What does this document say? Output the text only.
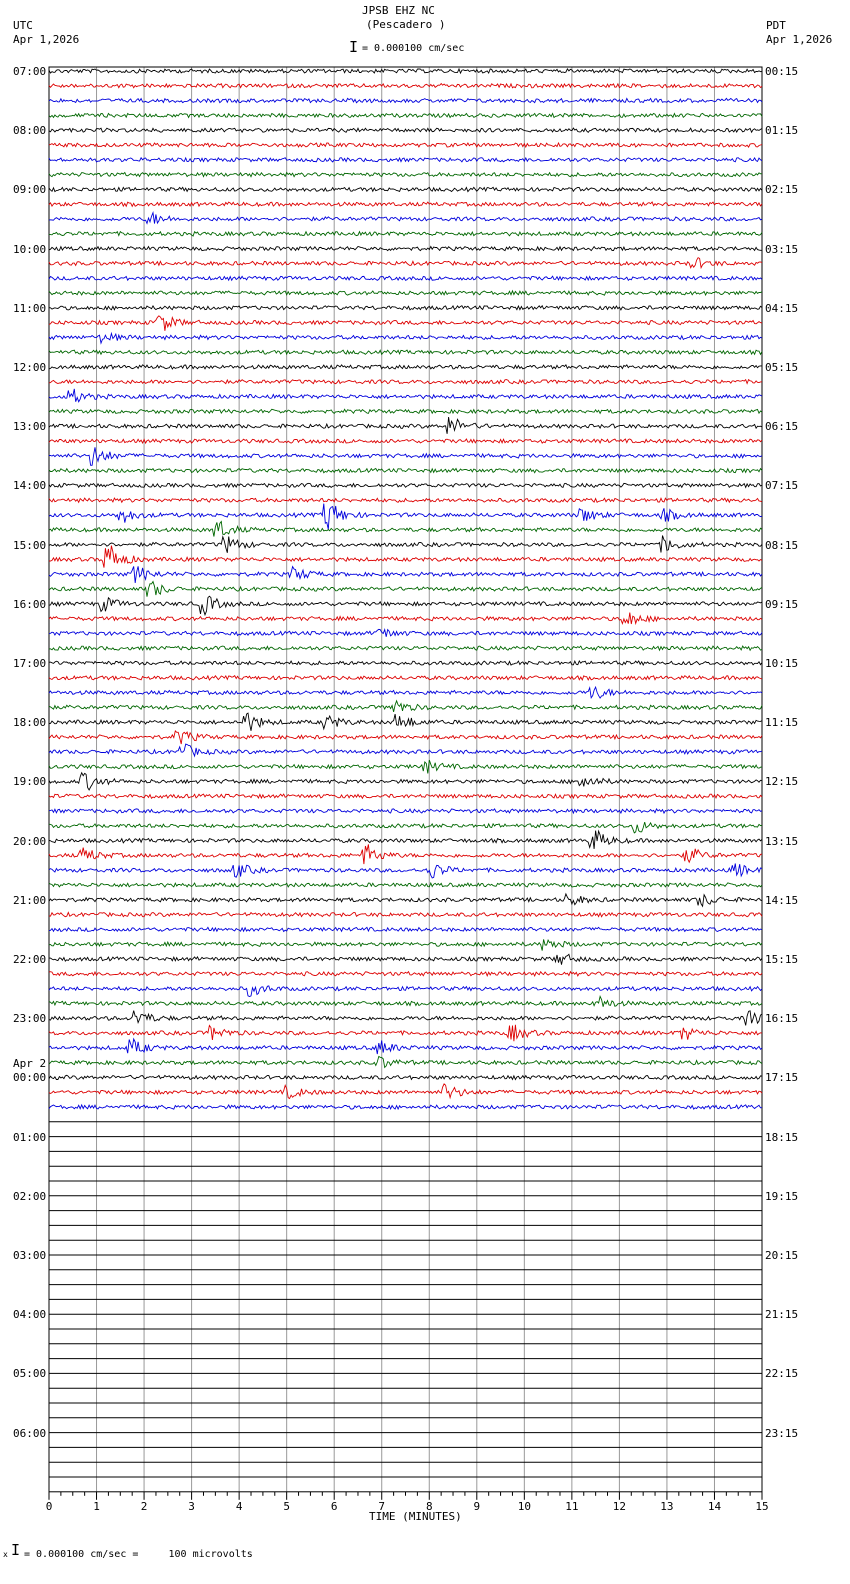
0	1	2	3	4	5	6	7	8	9	10	11	12	13	14	15
JPSB EHZ NC
(Pescadero )
I = 0.000100 cm/sec
UTC
Apr 1,2026
PDT
Apr 1,2026
07:00
08:00
09:00
10:00
11:00
12:00
13:00
14:00
15:00
16:00
17:00
18:00
19:00
20:00
21:00
22:00
23:00
00:00
01:00
02:00
03:00
04:00
05:00
06:00
Apr 2
00:15
01:15
02:15
03:15
04:15
05:15
06:15
07:15
08:15
09:15
10:15
11:15
12:15
13:15
14:15
15:15
16:15
17:15
18:15
19:15
20:15
21:15
22:15
23:15
TIME (MINUTES)
x I = 0.000100 cm/sec =     100 microvolts
